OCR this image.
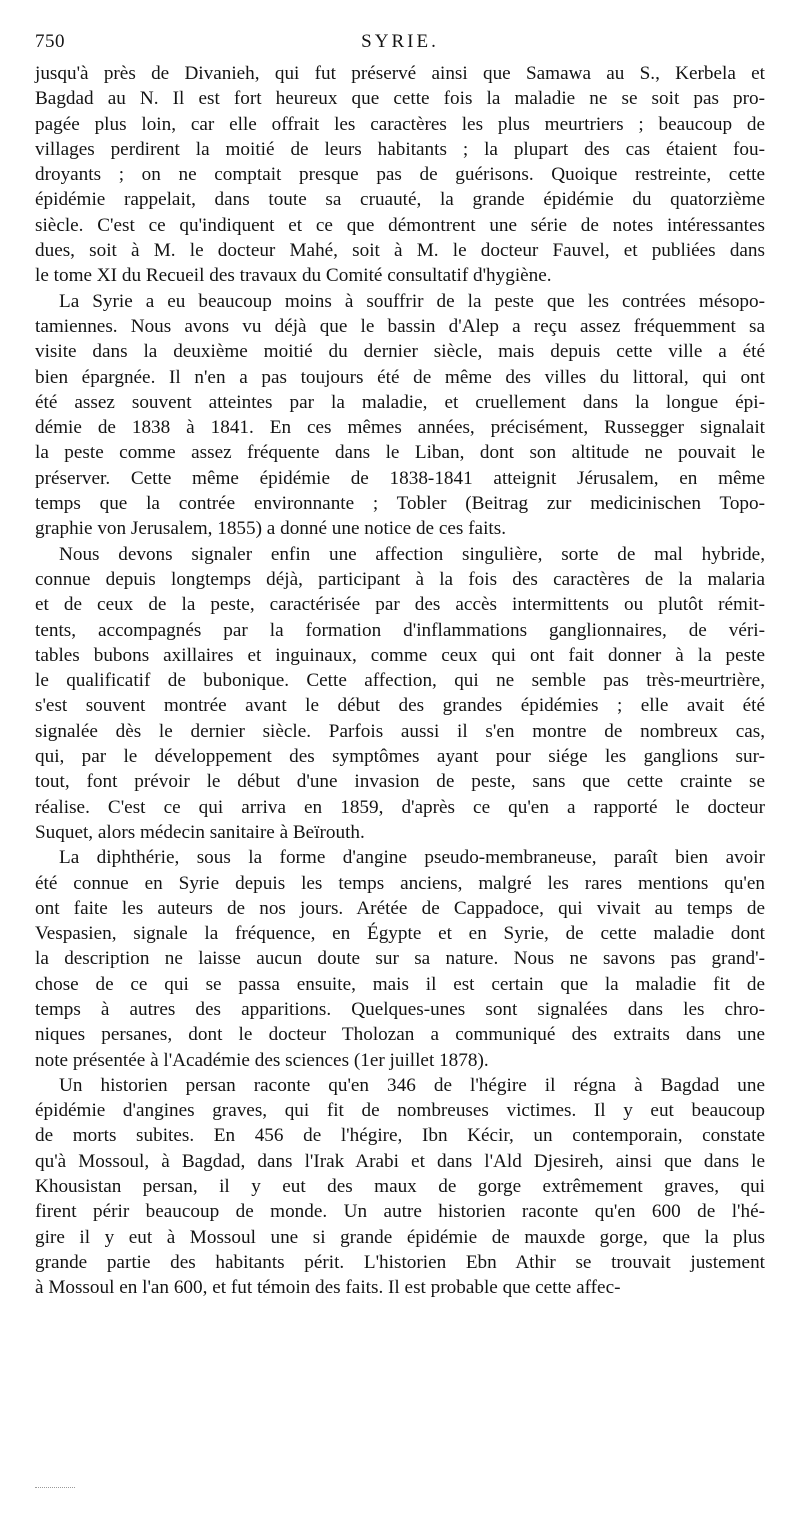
750	SYRIE.
jusqu'à près de Divanieh, qui fut préservé ainsi que Samawa au S., Kerbela et
Bagdad au N. Il est fort heureux que cette fois la maladie ne se soit pas pro-
pagée plus loin, car elle offrait les caractères les plus meurtriers ; beaucoup de
villages perdirent la moitié de leurs habitants ; la plupart des cas étaient fou-
droyants ; on ne comptait presque pas de guérisons. Quoique restreinte, cette
épidémie rappelait, dans toute sa cruauté, la grande épidémie du quatorzième
siècle. C'est ce qu'indiquent et ce que démontrent une série de notes intéressantes
dues, soit à M. le docteur Mahé, soit à M. le docteur Fauvel, et publiées dans
le tome XI du Recueil des travaux du Comité consultatif d'hygiène.
La Syrie a eu beaucoup moins à souffrir de la peste que les contrées mésopo-
tamiennes. Nous avons vu déjà que le bassin d'Alep a reçu assez fréquemment sa
visite dans la deuxième moitié du dernier siècle, mais depuis cette ville a été
bien épargnée. Il n'en a pas toujours été de même des villes du littoral, qui ont
été assez souvent atteintes par la maladie, et cruellement dans la longue épi-
démie de 1838 à 1841. En ces mêmes années, précisément, Russegger signalait
la peste comme assez fréquente dans le Liban, dont son altitude ne pouvait le
préserver. Cette même épidémie de 1838-1841 atteignit Jérusalem, en même
temps que la contrée environnante ; Tobler (Beitrag zur medicinischen Topo-
graphie von Jerusalem, 1855) a donné une notice de ces faits.
Nous devons signaler enfin une affection singulière, sorte de mal hybride,
connue depuis longtemps déjà, participant à la fois des caractères de la malaria
et de ceux de la peste, caractérisée par des accès intermittents ou plutôt rémit-
tents, accompagnés par la formation d'inflammations ganglionnaires, de véri-
tables bubons axillaires et inguinaux, comme ceux qui ont fait donner à la peste
le qualificatif de bubonique. Cette affection, qui ne semble pas très-meurtrière,
s'est souvent montrée avant le début des grandes épidémies ; elle avait été
signalée dès le dernier siècle. Parfois aussi il s'en montre de nombreux cas,
qui, par le développement des symptômes ayant pour siége les ganglions sur-
tout, font prévoir le début d'une invasion de peste, sans que cette crainte se
réalise. C'est ce qui arriva en 1859, d'après ce qu'en a rapporté le docteur
Suquet, alors médecin sanitaire à Beïrouth.
La diphthérie, sous la forme d'angine pseudo-membraneuse, paraît bien avoir
été connue en Syrie depuis les temps anciens, malgré les rares mentions qu'en
ont faite les auteurs de nos jours. Arétée de Cappadoce, qui vivait au temps de
Vespasien, signale la fréquence, en Égypte et en Syrie, de cette maladie dont
la description ne laisse aucun doute sur sa nature. Nous ne savons pas grand'-
chose de ce qui se passa ensuite, mais il est certain que la maladie fit de
temps à autres des apparitions. Quelques-unes sont signalées dans les chro-
niques persanes, dont le docteur Tholozan a communiqué des extraits dans une
note présentée à l'Académie des sciences (1er juillet 1878).
Un historien persan raconte qu'en 346 de l'hégire il régna à Bagdad une
épidémie d'angines graves, qui fit de nombreuses victimes. Il y eut beaucoup
de morts subites. En 456 de l'hégire, Ibn Kécir, un contemporain, constate
qu'à Mossoul, à Bagdad, dans l'Irak Arabi et dans l'Ald Djesireh, ainsi que dans le
Khousistan persan, il y eut des maux de gorge extrêmement graves, qui
firent périr beaucoup de monde. Un autre historien raconte qu'en 600 de l'hé-
gire il y eut à Mossoul une si grande épidémie de mauxde gorge, que la plus
grande partie des habitants périt. L'historien Ebn Athir se trouvait justement
à Mossoul en l'an 600, et fut témoin des faits. Il est probable que cette affec-
